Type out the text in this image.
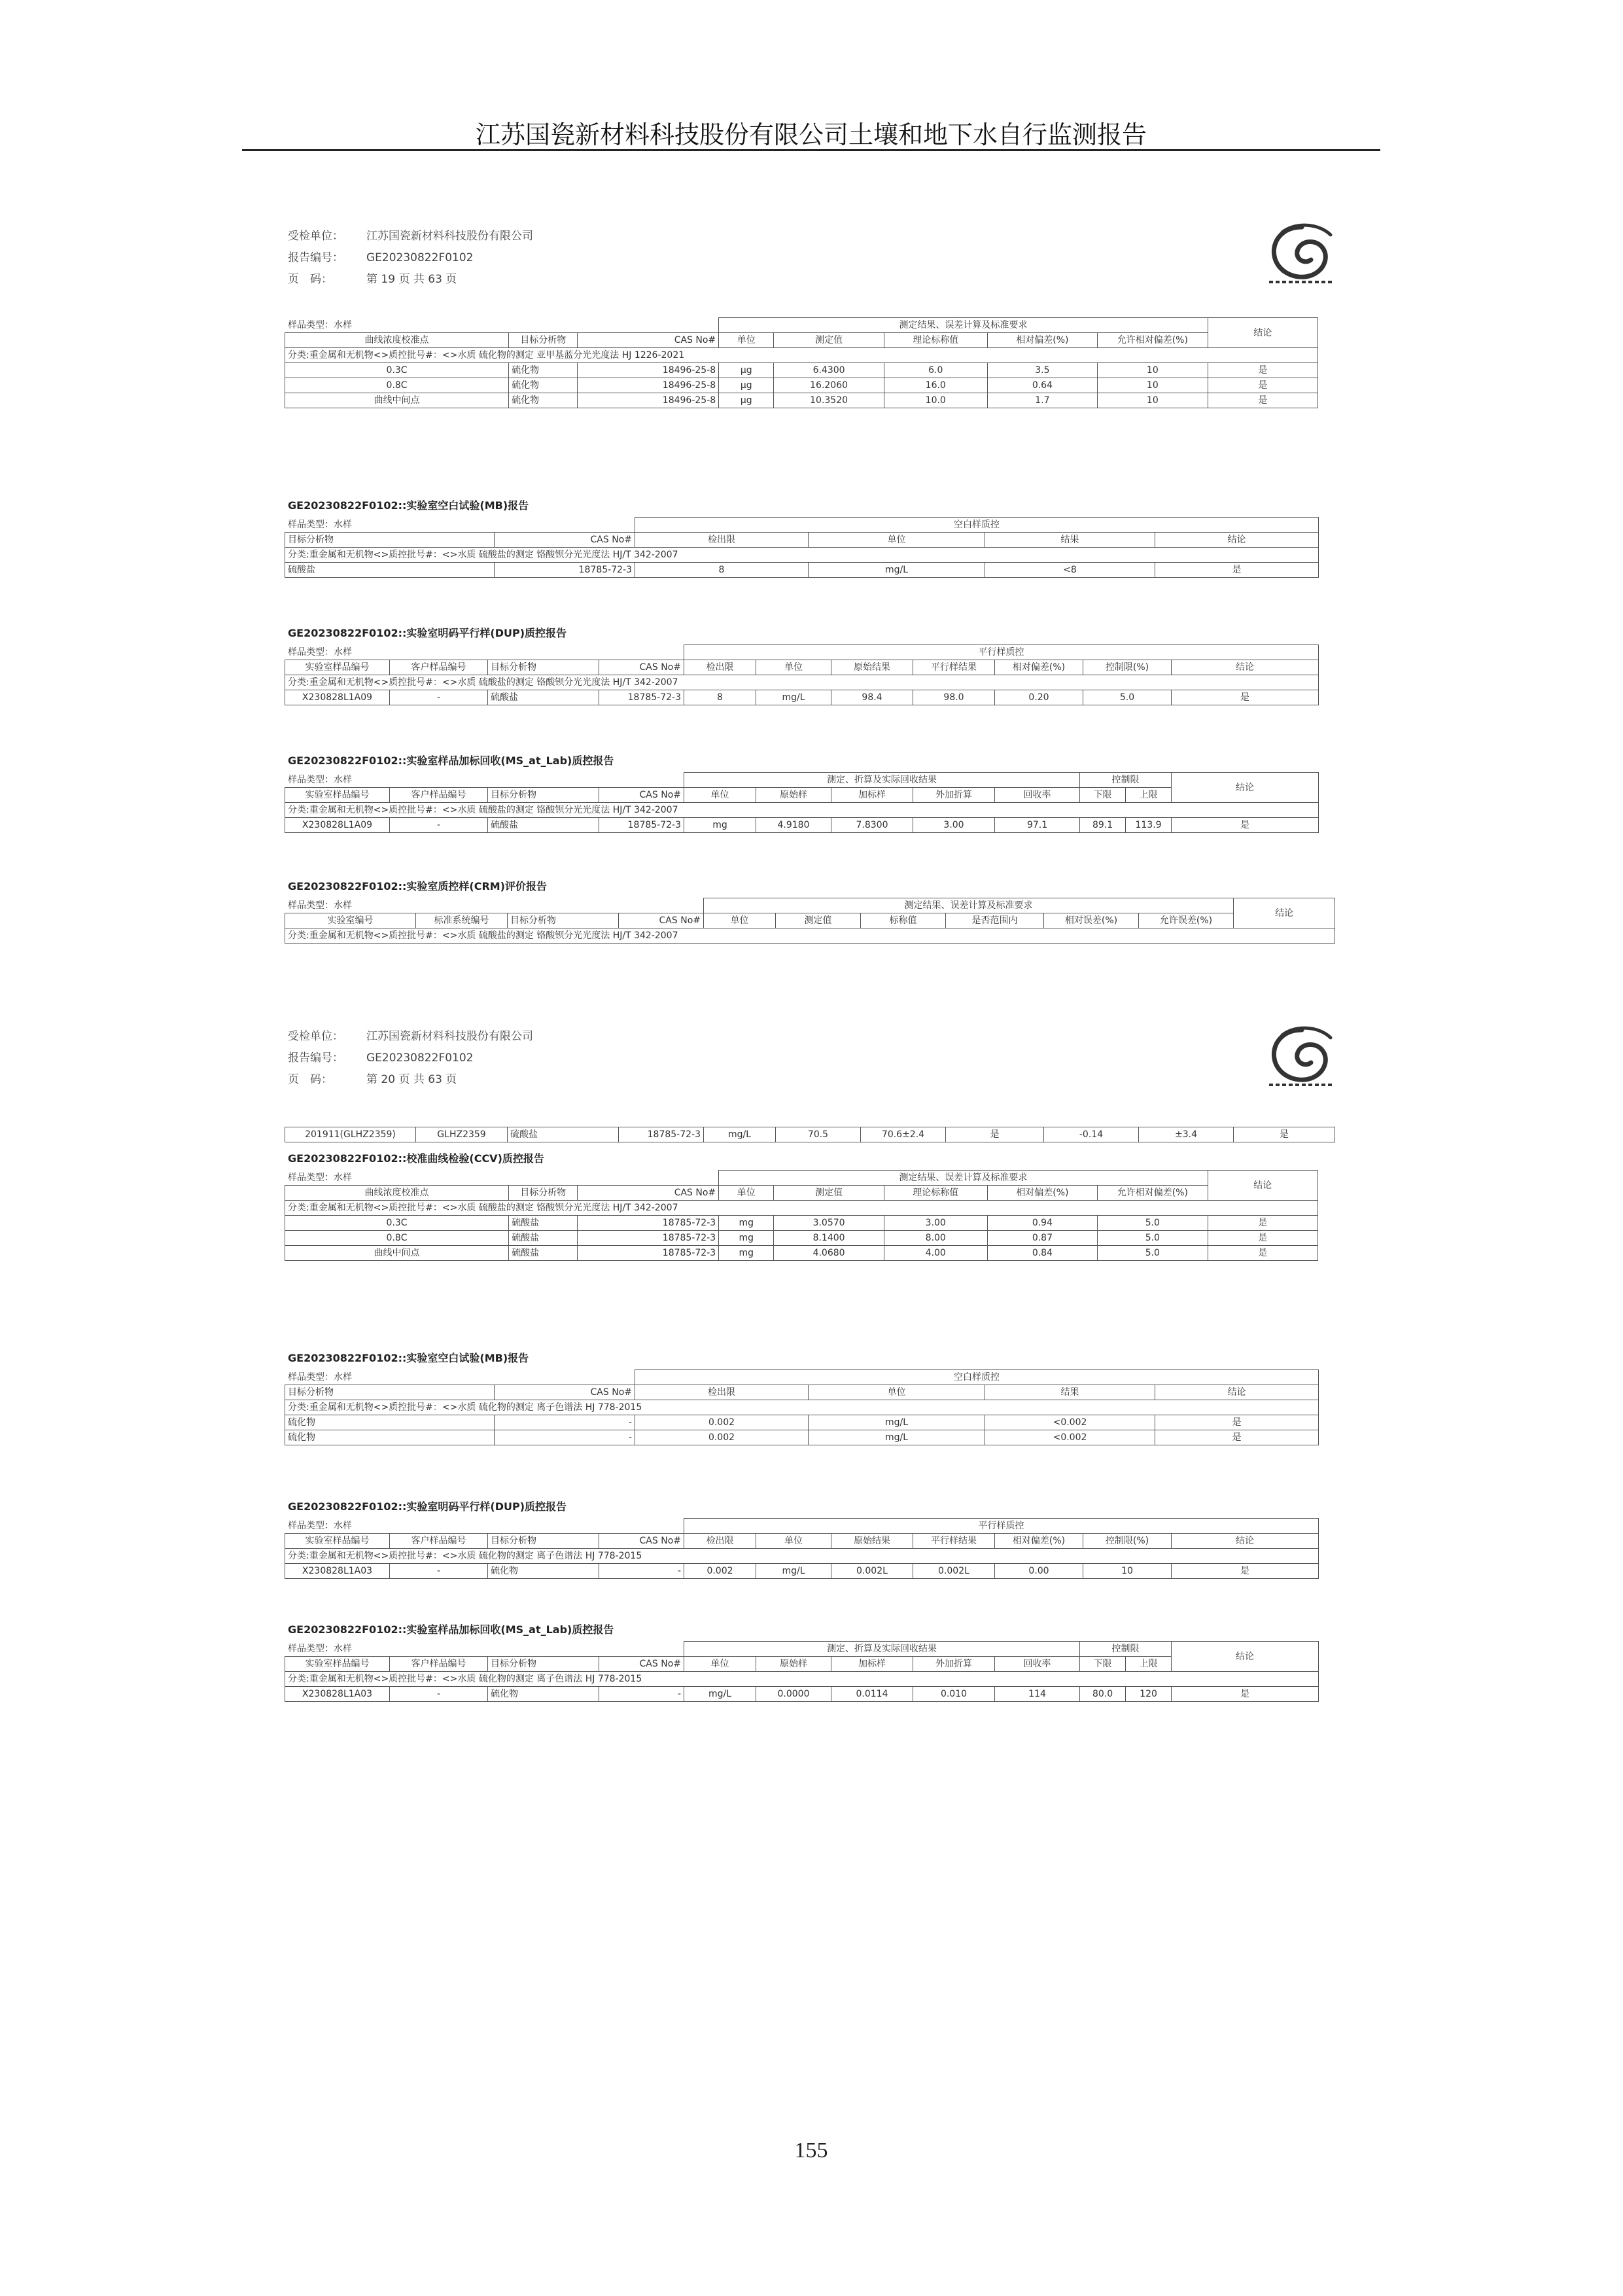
江苏国瓷新材料科技股份有限公司土壤和地下水自行监测报告
受检单位： 江苏国瓷新材料科技股份有限公司
报告编号： GE20230822F0102
页　码：	第 19 页 共 63 页
样品类型：水样			测定结果、误差计算及标准要求					结论
曲线浓度校准点	目标分析物	CAS No#	单位	测定值	理论标称值	相对偏差(%)	允许相对偏差(%)	
分类:重金属和无机物<>质控批号#：<>水质 硫化物的测定 亚甲基蓝分光光度法 HJ 1226-2021								
0.3C	硫化物	18496-25-8	μg	6.4300	6.0	3.5	10	是
0.8C	硫化物	18496-25-8	μg	16.2060	16.0	0.64	10	是
曲线中间点	硫化物	18496-25-8	μg	10.3520	10.0	1.7	10	是
GE20230822F0102::实验室空白试验(MB)报告
样品类型：水样		空白样质控			
目标分析物	CAS No#	检出限	单位	结果	结论
分类:重金属和无机物<>质控批号#：<>水质 硫酸盐的测定 铬酸钡分光光度法 HJ/T 342-2007					
硫酸盐	18785-72-3	8	mg/L	<8	是
GE20230822F0102::实验室明码平行样(DUP)质控报告
样品类型：水样				平行样质控						
实验室样品编号	客户样品编号	目标分析物	CAS No#	检出限	单位	原始结果	平行样结果	相对偏差(%)	控制限(%)	结论
分类:重金属和无机物<>质控批号#：<>水质 硫酸盐的测定 铬酸钡分光光度法 HJ/T 342-2007										
X230828L1A09	-	硫酸盐	18785-72-3	8	mg/L	98.4	98.0	0.20	5.0	是
GE20230822F0102::实验室样品加标回收(MS_at_Lab)质控报告
样品类型：水样				测定、折算及实际回收结果					控制限		结论
实验室样品编号	客户样品编号	目标分析物	CAS No#	单位	原始样	加标样	外加折算	回收率	下限	上限	
分类:重金属和无机物<>质控批号#：<>水质 硫酸盐的测定 铬酸钡分光光度法 HJ/T 342-2007											
X230828L1A09	-	硫酸盐	18785-72-3	mg	4.9180	7.8300	3.00	97.1	89.1	113.9	是
GE20230822F0102::实验室质控样(CRM)评价报告
样品类型：水样				测定结果、误差计算及标准要求						结论
实验室编号	标准系统编号	目标分析物	CAS No#	单位	测定值	标称值	是否范围内	相对误差(%)	允许误差(%)	
分类:重金属和无机物<>质控批号#：<>水质 硫酸盐的测定 铬酸钡分光光度法 HJ/T 342-2007										
受检单位： 江苏国瓷新材料科技股份有限公司
报告编号： GE20230822F0102
页　码：	第 20 页 共 63 页
201911(GLHZ2359)	GLHZ2359	硫酸盐	18785-72-3	mg/L	70.5	70.6±2.4	是	-0.14	±3.4	是
GE20230822F0102::校准曲线检验(CCV)质控报告
样品类型：水样			测定结果、误差计算及标准要求					结论
曲线浓度校准点	目标分析物	CAS No#	单位	测定值	理论标称值	相对偏差(%)	允许相对偏差(%)	
分类:重金属和无机物<>质控批号#：<>水质 硫酸盐的测定 铬酸钡分光光度法 HJ/T 342-2007								
0.3C	硫酸盐	18785-72-3	mg	3.0570	3.00	0.94	5.0	是
0.8C	硫酸盐	18785-72-3	mg	8.1400	8.00	0.87	5.0	是
曲线中间点	硫酸盐	18785-72-3	mg	4.0680	4.00	0.84	5.0	是
GE20230822F0102::实验室空白试验(MB)报告
样品类型：水样		空白样质控			
目标分析物	CAS No#	检出限	单位	结果	结论
分类:重金属和无机物<>质控批号#：<>水质 硫化物的测定 离子色谱法 HJ 778-2015					
硫化物	-	0.002	mg/L	<0.002	是
硫化物	-	0.002	mg/L	<0.002	是
GE20230822F0102::实验室明码平行样(DUP)质控报告
样品类型：水样				平行样质控						
实验室样品编号	客户样品编号	目标分析物	CAS No#	检出限	单位	原始结果	平行样结果	相对偏差(%)	控制限(%)	结论
分类:重金属和无机物<>质控批号#：<>水质 硫化物的测定 离子色谱法 HJ 778-2015										
X230828L1A03	-	硫化物	-	0.002	mg/L	0.002L	0.002L	0.00	10	是
GE20230822F0102::实验室样品加标回收(MS_at_Lab)质控报告
样品类型：水样				测定、折算及实际回收结果					控制限		结论
实验室样品编号	客户样品编号	目标分析物	CAS No#	单位	原始样	加标样	外加折算	回收率	下限	上限	
分类:重金属和无机物<>质控批号#：<>水质 硫化物的测定 离子色谱法 HJ 778-2015											
X230828L1A03	-	硫化物	-	mg/L	0.0000	0.0114	0.010	114	80.0	120	是
155
